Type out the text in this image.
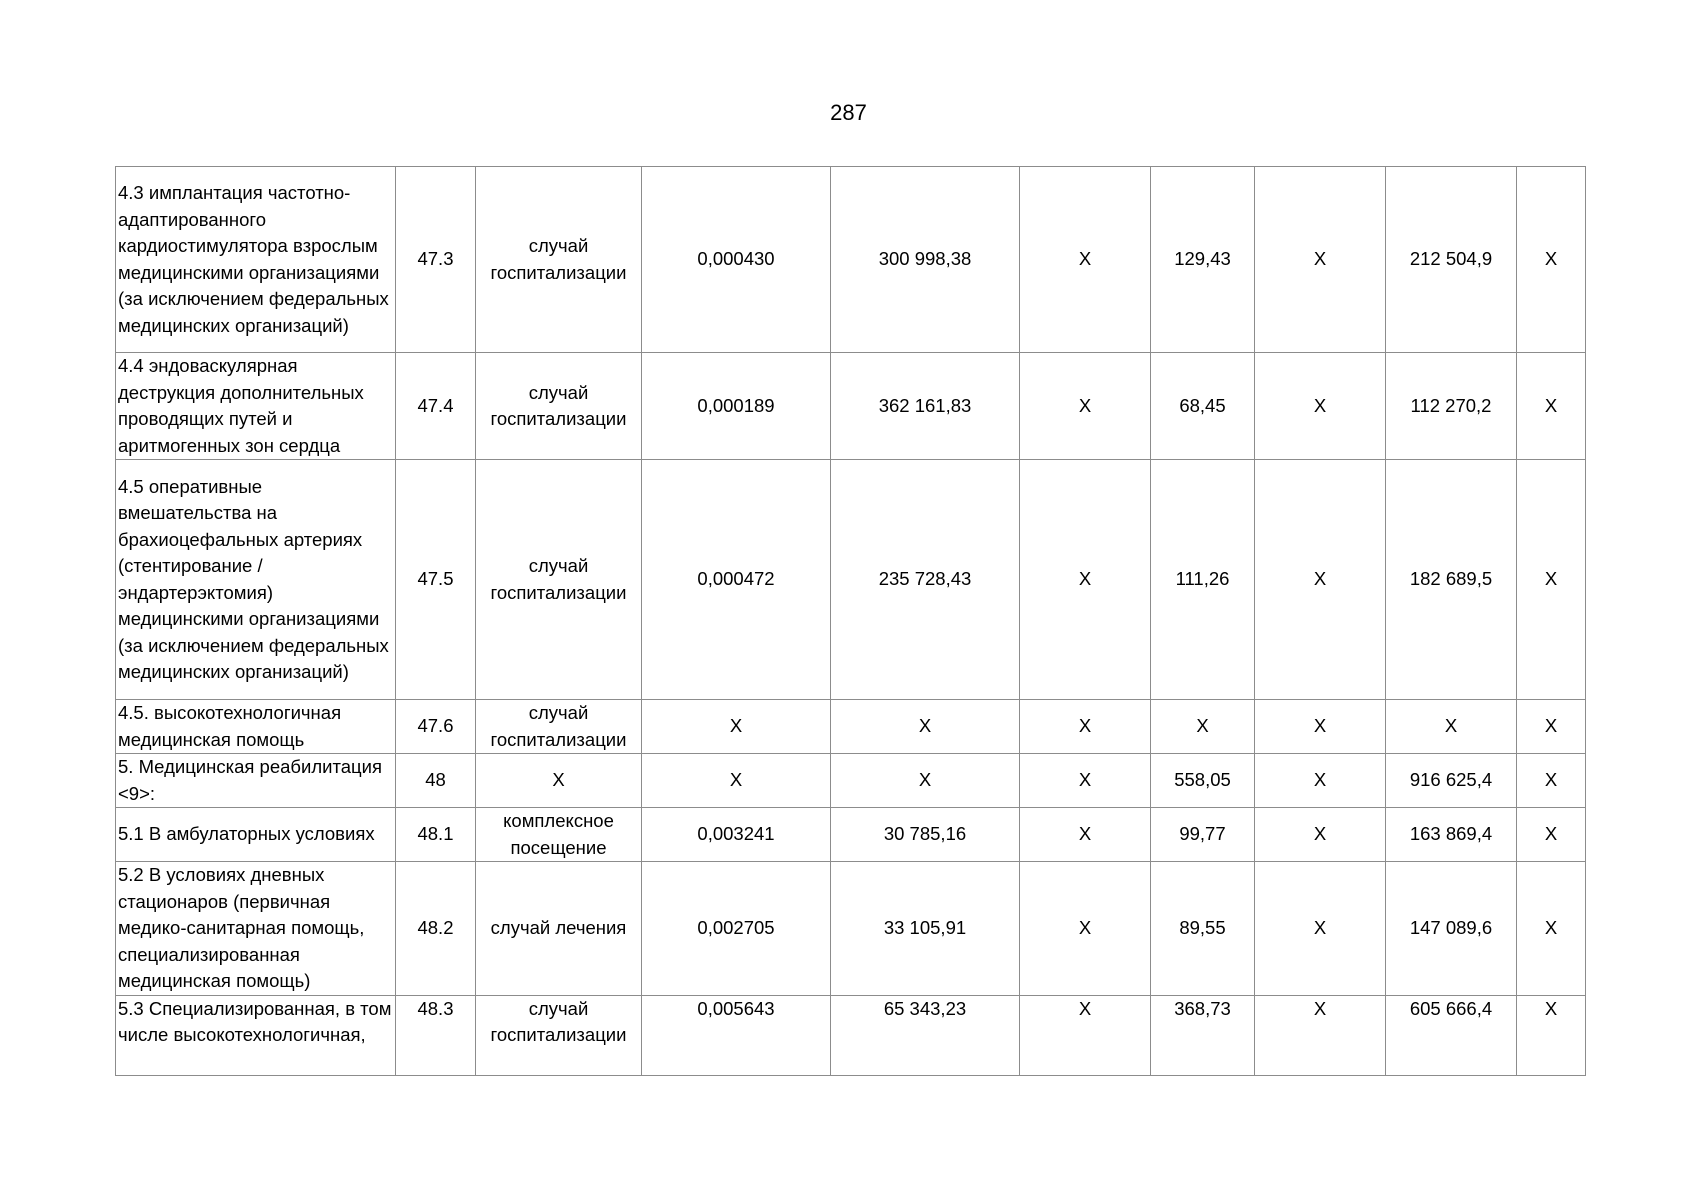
287
4.3 имплантация частотно-адаптированного кардиостимулятора взрослым медицинскими организациями (за исключением федеральных медицинских организаций)	47.3	случай госпитализации	0,000430	300 998,38	X	129,43	X	212 504,9	X
4.4 эндоваскулярная деструкция дополнительных проводящих путей и аритмогенных зон сердца	47.4	случай госпитализации	0,000189	362 161,83	X	68,45	X	112 270,2	X
4.5 оперативные вмешательства на брахиоцефальных артериях (стентирование / эндартерэктомия) медицинскими организациями (за исключением федеральных медицинских организаций)	47.5	случай госпитализации	0,000472	235 728,43	X	111,26	X	182 689,5	X
4.5. высокотехнологичная медицинская помощь	47.6	случай госпитализации	X	X	X	X	X	X	X
5. Медицинская реабилитация <9>:	48	X	X	X	X	558,05	X	916 625,4	X
5.1 В амбулаторных условиях	48.1	комплексное посещение	0,003241	30 785,16	X	99,77	X	163 869,4	X
5.2 В условиях дневных стационаров (первичная медико-санитарная помощь, специализированная медицинская помощь)	48.2	случай лечения	0,002705	33 105,91	X	89,55	X	147 089,6	X
5.3 Специализированная, в том числе высокотехнологичная,	48.3	случай госпитализации	0,005643	65 343,23	X	368,73	X	605 666,4	X
